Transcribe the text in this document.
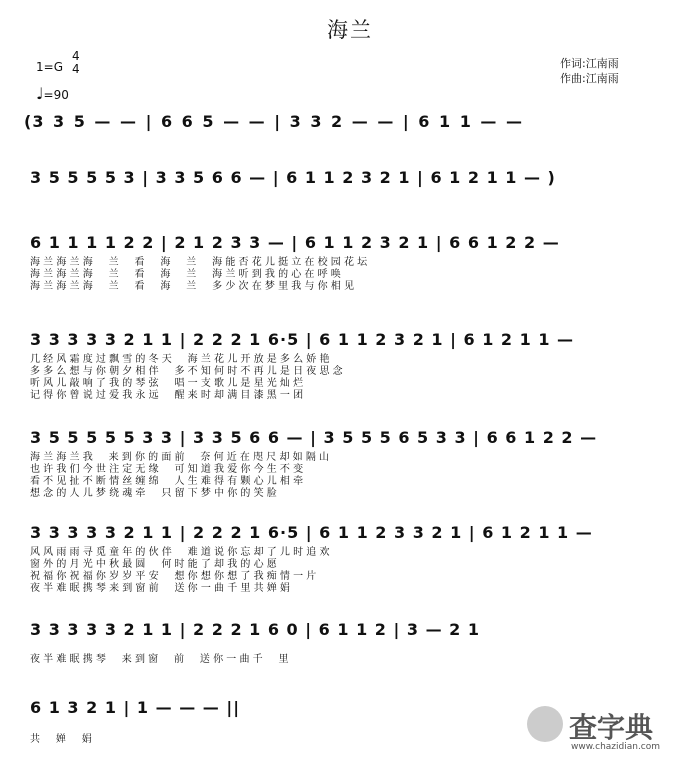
海兰
1=G
4
4
♩=90
作词:江南雨
作曲:江南雨
(3 3 5 — — | 6 6 5 — — | 3 3 2 — — | 6 1 1 — —
3 5 5 5 5 3 | 3 3 5 6 6 — | 6 1 1 2 3 2 1 | 6 1 2 1 1 — )
6 1 1 1 1 2 2 | 2 1 2 3 3 — | 6 1 1 2 3 2 1 | 6 6 1 2 2 —
海 兰 海 兰 海     兰     看     海     兰     海 能 否 花 儿 挺 立 在 校 园 花 坛
海 兰 海 兰 海     兰     看     海     兰     海 兰 听 到 我 的 心 在 呼 唤
海 兰 海 兰 海     兰     看     海     兰     多 少 次 在 梦 里 我 与 你 相 见
3 3 3 3 3 2 1 1 | 2 2 2 1 6·5 | 6 1 1 2 3 2 1 | 6 1 2 1 1 —
几 经 风 霜 度 过 飘 雪 的 冬 天     海 兰 花 儿 开 放 是 多 么 娇 艳
多 多 么 想 与 你 朝 夕 相 伴     多 不 知 何 时 不 再 儿 是 日 夜 思 念
听 风 儿 敲 响 了 我 的 琴 弦     唱 一 支 歌 儿 是 星 光 灿 烂
记 得 你 曾 说 过 爱 我 永 远     醒 来 时 却 满 目 漆 黑 一 团
3 5 5 5 5 5 3 3 | 3 3 5 6 6 — | 3 5 5 5 6 5 3 3 | 6 6 1 2 2 —
海 兰 海 兰 我     来 到 你 的 面 前     奈 何 近 在 咫 尺 却 如 隔 山
也 许 我 们 今 世 注 定 无 缘     可 知 道 我 爱 你 今 生 不 变
看 不 见 扯 不 断 情 丝 缠 绵     人 生 难 得 有 颗 心 儿 相 牵
想 念 的 人 儿 梦 绕 魂 牵     只 留 下 梦 中 你 的 笑 脸
3 3 3 3 3 2 1 1 | 2 2 2 1 6·5 | 6 1 1 2 3 3 2 1 | 6 1 2 1 1 —
风 风 雨 雨 寻 觅 童 年 的 伙 伴     难 道 说 你 忘 却 了 儿 时 追 欢
窗 外 的 月 光 中 秋 最 圆     何 时 能 了 却 我 的 心 愿
祝 福 你 祝 福 你 岁 岁 平 安     想 你 想 你 想 了 我 痴 情 一 片
夜 半 难 眠 携 琴 来 到 窗 前     送 你 一 曲 千 里 共 婵 娟
3 3 3 3 3 2 1 1 | 2 2 2 1 6 0 | 6 1 1 2 | 3 — 2 1
夜 半 难 眠 携 琴     来 到 窗     前     送 你 一 曲 千     里
6 1 3 2 1 | 1 — — — ||
共     婵     娟	查字典
www.chazidian.com
